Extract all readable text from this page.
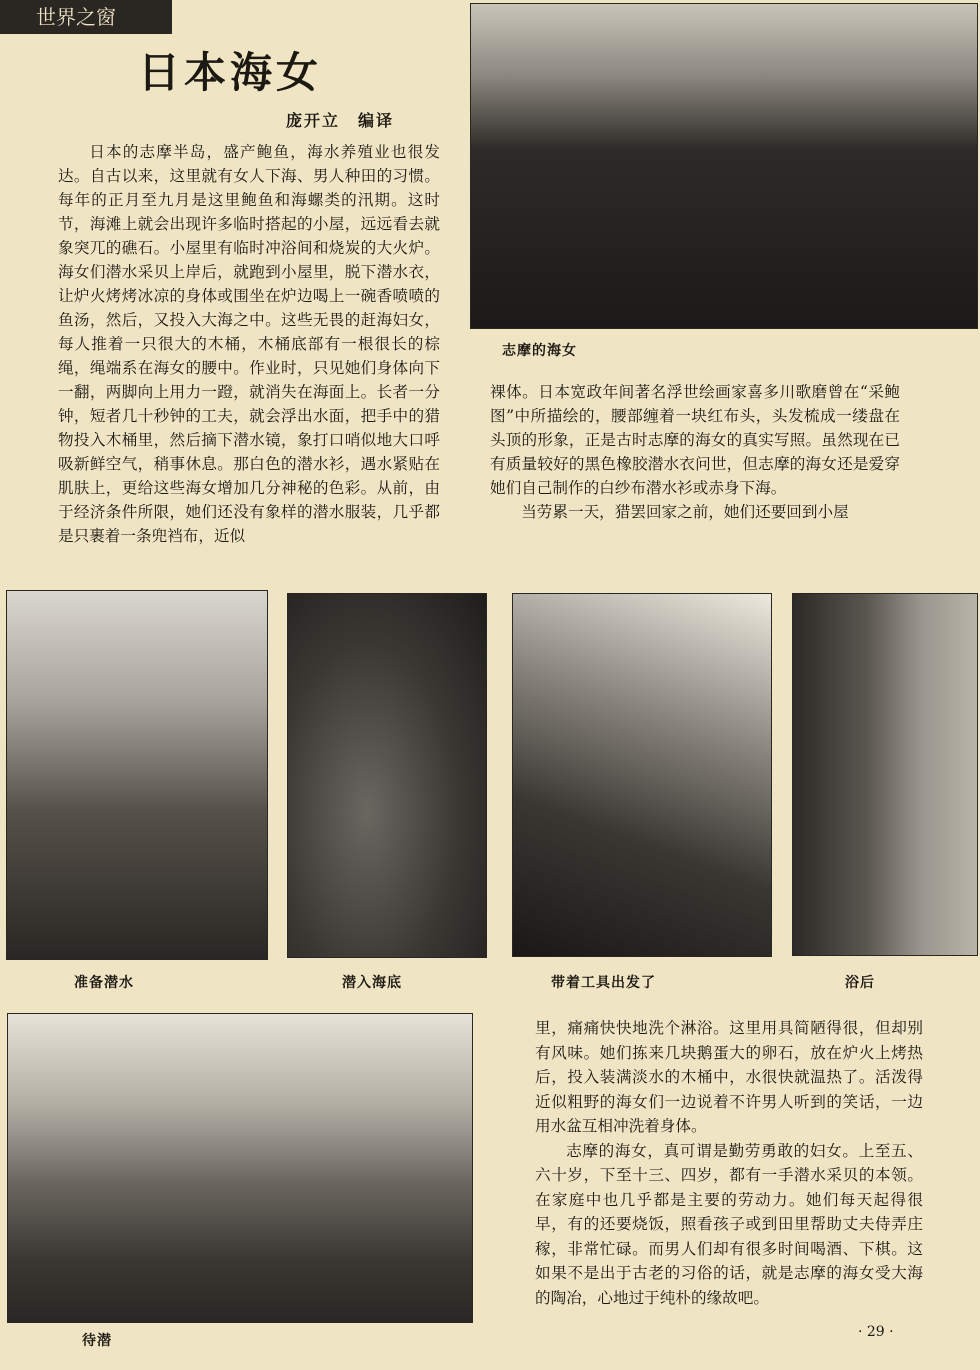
世界之窗
日本海女
庞开立　编译

日本的志摩半岛，盛产鲍鱼，海水养殖业也很发达。自古以来，这里就有女人下海、男人种田的习惯。每年的正月至九月是这里鲍鱼和海螺类的汛期。这时节，海滩上就会出现许多临时搭起的小屋，远远看去就象突兀的礁石。小屋里有临时冲浴间和烧炭的大火炉。海女们潜水采贝上岸后，就跑到小屋里，脱下潜水衣，让炉火烤烤冰凉的身体或围坐在炉边喝上一碗香喷喷的鱼汤，然后，又投入大海之中。这些无畏的赶海妇女，每人推着一只很大的木桶，木桶底部有一根很长的棕绳，绳端系在海女的腰中。作业时，只见她们身体向下一翻，两脚向上用力一蹬，就消失在海面上。长者一分钟，短者几十秒钟的工夫，就会浮出水面，把手中的猎物投入木桶里，然后摘下潜水镜，象打口哨似地大口呼吸新鲜空气，稍事休息。那白色的潜水衫，遇水紧贴在肌肤上，更给这些海女增加几分神秘的色彩。从前，由于经济条件所限，她们还没有象样的潜水服装，几乎都是只裹着一条兜裆布，近似

志摩的海女

裸体。日本宽政年间著名浮世绘画家喜多川歌磨曾在“采鲍图”中所描绘的，腰部缠着一块红布头，头发梳成一缕盘在头顶的形象，正是古时志摩的海女的真实写照。虽然现在已有质量较好的黑色橡胶潜水衣问世，但志摩的海女还是爱穿她们自己制作的白纱布潜水衫或赤身下海。

当劳累一天，猎罢回家之前，她们还要回到小屋

准备潜水	潜入海底	带着工具出发了	浴后
待潜

里，痛痛快快地洗个淋浴。这里用具简陋得很，但却别有风味。她们拣来几块鹅蛋大的卵石，放在炉火上烤热后，投入装满淡水的木桶中，水很快就温热了。活泼得近似粗野的海女们一边说着不许男人听到的笑话，一边用水盆互相冲洗着身体。

志摩的海女，真可谓是勤劳勇敢的妇女。上至五、六十岁，下至十三、四岁，都有一手潜水采贝的本领。在家庭中也几乎都是主要的劳动力。她们每天起得很早，有的还要烧饭，照看孩子或到田里帮助丈夫侍弄庄稼，非常忙碌。而男人们却有很多时间喝酒、下棋。这如果不是出于古老的习俗的话，就是志摩的海女受大海的陶冶，心地过于纯朴的缘故吧。

· 29 ·
